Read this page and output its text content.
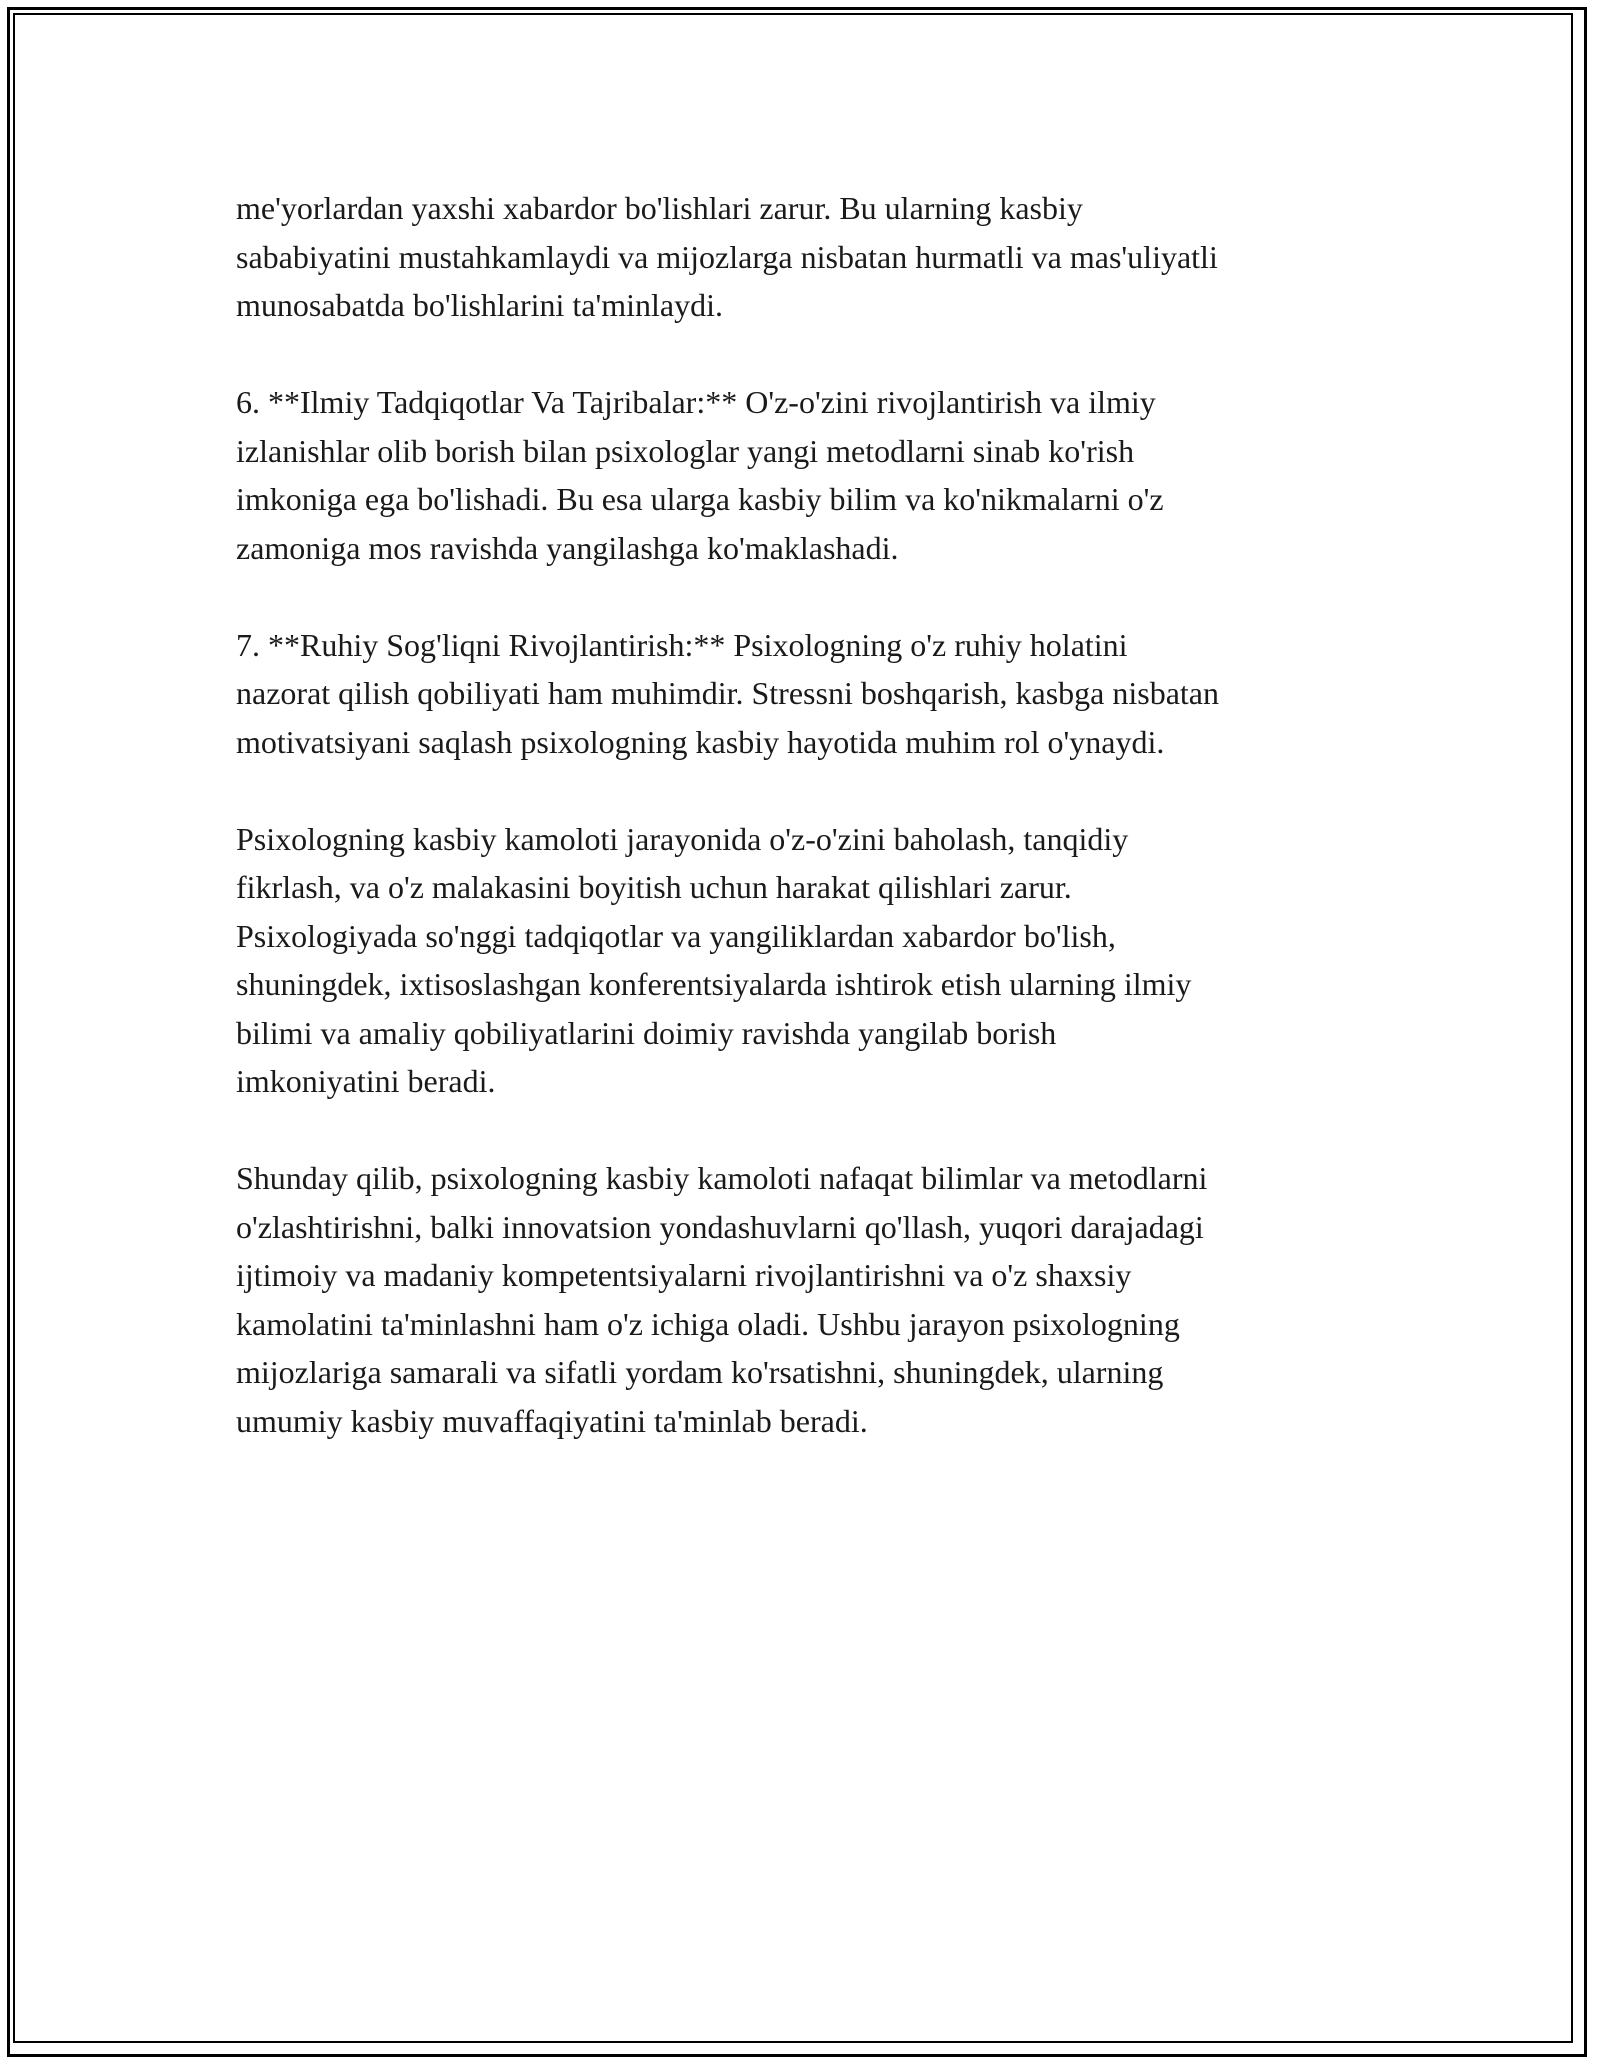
me'yorlardan yaxshi xabardor bo'lishlari zarur. Bu ularning kasbiy
sababiyatini mustahkamlaydi va mijozlarga nisbatan hurmatli va mas'uliyatli
munosabatda bo'lishlarini ta'minlaydi.

6. **Ilmiy Tadqiqotlar Va Tajribalar:** O'z-o'zini rivojlantirish va ilmiy
izlanishlar olib borish bilan psixologlar yangi metodlarni sinab ko'rish
imkoniga ega bo'lishadi. Bu esa ularga kasbiy bilim va ko'nikmalarni o'z
zamoniga mos ravishda yangilashga ko'maklashadi.

7. **Ruhiy Sog'liqni Rivojlantirish:** Psixologning o'z ruhiy holatini
nazorat qilish qobiliyati ham muhimdir. Stressni boshqarish, kasbga nisbatan
motivatsiyani saqlash psixologning kasbiy hayotida muhim rol o'ynaydi.

Psixologning kasbiy kamoloti jarayonida o'z-o'zini baholash, tanqidiy
fikrlash, va o'z malakasini boyitish uchun harakat qilishlari zarur.
Psixologiyada so'nggi tadqiqotlar va yangiliklardan xabardor bo'lish,
shuningdek, ixtisoslashgan konferentsiyalarda ishtirok etish ularning ilmiy
bilimi va amaliy qobiliyatlarini doimiy ravishda yangilab borish
imkoniyatini beradi.

Shunday qilib, psixologning kasbiy kamoloti nafaqat bilimlar va metodlarni
o'zlashtirishni, balki innovatsion yondashuvlarni qo'llash, yuqori darajadagi
ijtimoiy va madaniy kompetentsiyalarni rivojlantirishni va o'z shaxsiy
kamolatini ta'minlashni ham o'z ichiga oladi. Ushbu jarayon psixologning
mijozlariga samarali va sifatli yordam ko'rsatishni, shuningdek, ularning
umumiy kasbiy muvaffaqiyatini ta'minlab beradi.
